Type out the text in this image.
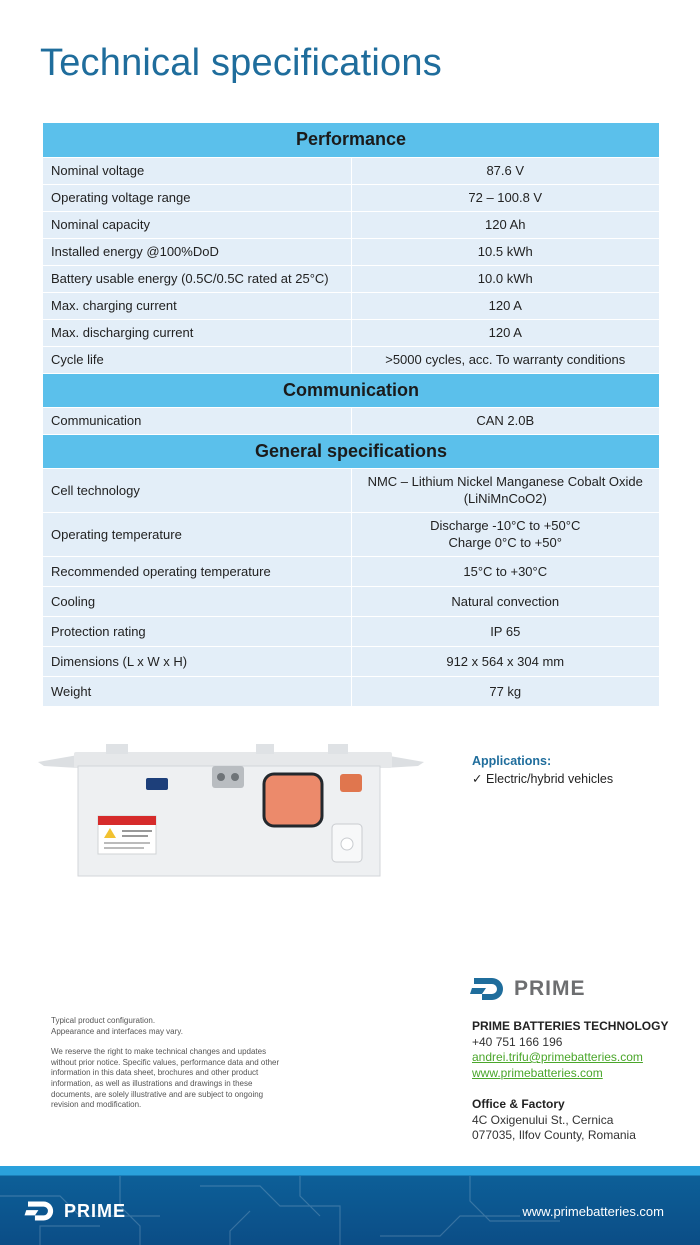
Technical specifications
Performance	
Nominal voltage	87.6 V
Operating voltage range	72 – 100.8 V
Nominal capacity	120 Ah
Installed energy @100%DoD	10.5 kWh
Battery usable energy (0.5C/0.5C rated at 25°C)	10.0 kWh
Max. charging current	120 A
Max. discharging current	120 A
Cycle life	>5000 cycles, acc. To warranty conditions
Communication	
Communication	CAN 2.0B
General specifications	
Cell technology	NMC – Lithium Nickel Manganese Cobalt Oxide
(LiNiMnCoO2)

Operating temperature	Discharge -10°C to +50°C
Charge 0°C to +50°

Recommended operating temperature	15°C to +30°C
Cooling	Natural convection
Protection rating	IP 65
Dimensions (L x W x H)	912 x 564 x 304 mm
Weight	77 kg
Applications:
✓ Electric/hybrid vehicles
PRIME
PRIME BATTERIES TECHNOLOGY
+40 751 166 196
andrei.trifu@primebatteries.com
www.primebatteries.com
Office & Factory
4C Oxigenului St., Cernica
077035, Ilfov County, Romania

Typical product configuration.
Appearance and interfaces may vary.

We reserve the right to make technical changes and updates without prior notice. Specific values, performance data and other information in this data sheet, brochures and other product information, as well as illustrations and drawings in these documents, are solely illustrative and are subject to ongoing revision and modification.

PRIME	www.primebatteries.com
